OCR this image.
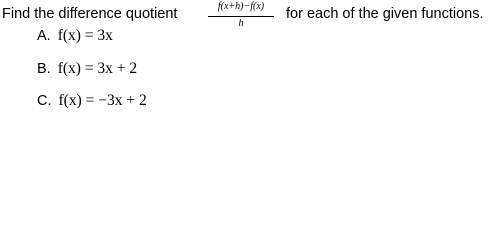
Find the difference quotient	f(x+h)−f(x)
h
for each of the given functions.
A. f(x) = 3x
B. f(x) = 3x + 2
C. f(x) = −3x + 2
